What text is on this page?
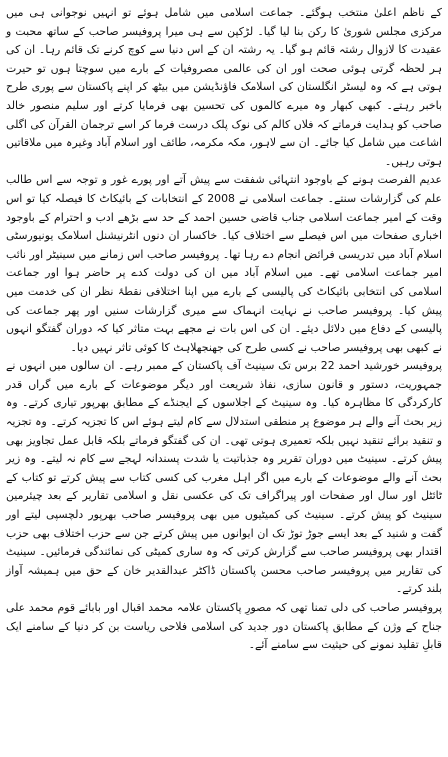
کے ناظم اعلیٰ منتخب ہوگئے۔ جماعت اسلامی میں شامل ہوئے تو انہیں نوجوانی ہی میں مرکزی مجلس شوریٰ کا رکن بنا لیا گیا۔ لڑکپن سے ہی میرا پروفیسر صاحب کے ساتھ محبت و عقیدت کا لازوال رشتہ قائم ہو گیا۔ یہ رشتہ ان کے اس دنیا سے کوچ کرنے تک قائم رہا۔ ان کی ہر لحظہ گرتی ہوئی صحت اور ان کی عالمی مصروفیات کے بارے میں سوچتا ہوں تو حیرت ہوتی ہے کہ وہ لیسٹر انگلستان کی اسلامک فاؤنڈیشن میں بیٹھ کر اپنے پاکستان سے پوری طرح باخبر رہتے۔ کبھی کبھار وہ میرے کالموں کی تحسین بھی فرمایا کرتے اور سلیم منصور خالد صاحب کو ہدایت فرماتے کہ فلاں کالم کی نوک پلک درست فرما کر اسے ترجمان القرآن کی اگلی اشاعت میں شامل کیا جائے۔ ان سے لاہور، مکہ مکرمہ، طائف اور اسلام آباد وغیرہ میں ملاقاتیں ہوتی رہیں۔

عدیم الفرصت ہونے کے باوجود انتہائی شفقت سے پیش آتے اور پورے غور و توجہ سے اس طالب علم کی گزارشات سنتے۔ جماعت اسلامی نے 2008 کے انتخابات کے بائیکاٹ کا فیصلہ کیا تو اس وقت کے امیر جماعت اسلامی جناب قاضی حسین احمد کے حد سے بڑھے ادب و احترام کے باوجود اخباری صفحات میں اس فیصلے سے اختلاف کیا۔ خاکسار ان دنوں انٹرنیشنل اسلامک یونیورسٹی اسلام آباد میں تدریسی فرائض انجام دے رہا تھا۔ پروفیسر صاحب اس زمانے میں سینیٹر اور نائب امیر جماعت اسلامی تھے۔ میں اسلام آباد میں ان کی دولت کدے پر حاضر ہوا اور جماعت اسلامی کی انتخابی بائیکاٹ کی پالیسی کے بارے میں اپنا اختلافی نقطۂ نظر ان کی خدمت میں پیش کیا۔ پروفیسر صاحب نے نہایت انہماک سے میری گزارشات سنیں اور پھر جماعت کی پالیسی کے دفاع میں دلائل دیئے۔ ان کی اس بات نے مجھے بہت متاثر کیا کہ دوران گفتگو انہوں نے کبھی بھی پروفیسر صاحب نے کسی طرح کی جھنجھلاہٹ کا کوئی تاثر نہیں دیا۔

پروفیسر خورشید احمد 22 برس تک سینیٹ آف پاکستان کے ممبر رہے۔ ان سالوں میں انہوں نے جمہوریت، دستور و قانون سازی، نفاذ شریعت اور دیگر موضوعات کے بارے میں گراں قدر کارکردگی کا مظاہرہ کیا۔ وہ سینیٹ کے اجلاسوں کے ایجنڈے کے مطابق بھرپور تیاری کرتے۔ وہ زیر بحث آنے والے ہر موضوع پر منطقی استدلال سے کام لیتے ہوئے اس کا تجزیہ کرتے۔ وہ تجزیہ و تنقید برائے تنقید نہیں بلکہ تعمیری ہوتی تھی۔ ان کی گفتگو فرماتے بلکہ قابل عمل تجاویز بھی پیش کرتے۔ سینیٹ میں دوران تقریر وہ جذباتیت یا شدت پسندانہ لہجے سے کام نہ لیتے۔ وہ زیر بحث آنے والے موضوعات کے بارے میں اگر اہل مغرب کی کسی کتاب سے پیش کرتے تو کتاب کے ٹائٹل اور سال اور صفحات اور پیراگراف تک کی عکسی نقل و اسلامی تقاریر کے بعد چیئرمین سینیٹ کو پیش کرتے۔ سینیٹ کی کمیٹیوں میں بھی پروفیسر صاحب بھرپور دلچسپی لیتے اور گفت و شنید کے بعد ایسے جوڑ توڑ تک ان ایوانوں میں پیش کرتے جن سے حزب اختلاف بھی حزب اقتدار بھی پروفیسر صاحب سے گزارش کرتی کہ وہ ساری کمیٹی کی نمائندگی فرمائیں۔ سینیٹ کی تقاریر میں پروفیسر صاحب محسن پاکستان ڈاکٹر عبدالقدیر خان کے حق میں ہمیشہ آواز بلند کرتے۔

پروفیسر صاحب کی دلی تمنا تھی کہ مصورِ پاکستان علامہ محمد اقبال اور بابائے قوم محمد علی جناح کے وژن کے مطابق پاکستان دور جدید کی اسلامی فلاحی ریاست بن کر دنیا کے سامنے ایک قابلِ تقلید نمونے کی حیثیت سے سامنے آئے۔
